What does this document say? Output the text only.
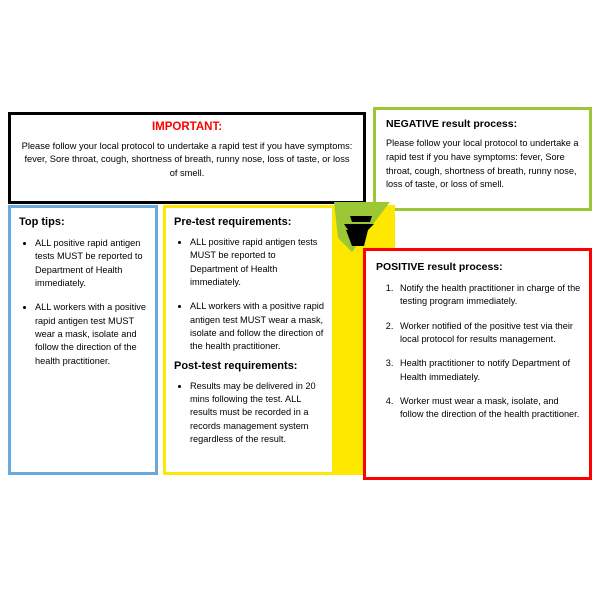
IMPORTANT:
Please follow your local protocol to undertake a rapid test if you have symptoms: fever, Sore throat, cough, shortness of breath, runny nose, loss of taste, or loss of smell.
NEGATIVE result process:
Please follow your local protocol to undertake a rapid test if you have symptoms: fever, Sore throat, cough, shortness of breath, runny nose, loss of taste, or loss of smell.
Top tips:
• ALL positive rapid antigen tests MUST be reported to Department of Health immediately.
• ALL workers with a positive rapid antigen test MUST wear a mask, isolate and follow the direction of the health practitioner.
Pre-test requirements:
• ALL positive rapid antigen tests MUST be reported to Department of Health immediately.
• ALL workers with a positive rapid antigen test MUST wear a mask, isolate and follow the direction of the health practitioner.
Post-test requirements:
• Results may be delivered in 20 mins following the test. ALL results must be recorded in a records management system regardless of the result.
POSITIVE result process:
1. Notify the health practitioner in charge of the testing program immediately.
2. Worker notified of the positive test via their local protocol for results management.
3. Health practitioner to notify Department of Health immediately.
4. Worker must wear a mask, isolate, and follow the direction of the health practitioner.
